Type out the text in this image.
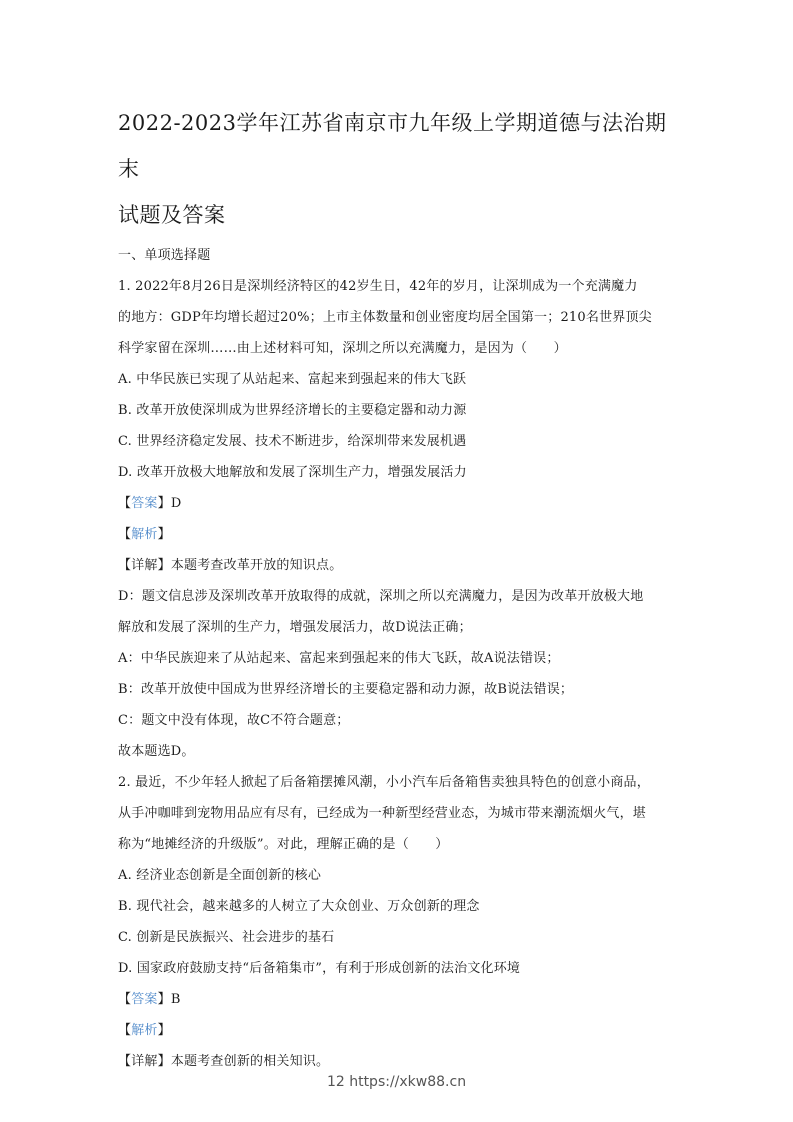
2022-2023学年江苏省南京市九年级上学期道德与法治期末
试题及答案
一、单项选择题
1. 2022年8月26日是深圳经济特区的42岁生日，42年的岁月，让深圳成为一个充满魔力
的地方：GDP年均增长超过20%；上市主体数量和创业密度均居全国第一；210名世界顶尖
科学家留在深圳……由上述材料可知，深圳之所以充满魔力，是因为（　　）
A. 中华民族已实现了从站起来、富起来到强起来的伟大飞跃
B. 改革开放使深圳成为世界经济增长的主要稳定器和动力源
C. 世界经济稳定发展、技术不断进步，给深圳带来发展机遇
D. 改革开放极大地解放和发展了深圳生产力，增强发展活力
【答案】D
【解析】
【详解】本题考查改革开放的知识点。
D：题文信息涉及深圳改革开放取得的成就，深圳之所以充满魔力，是因为改革开放极大地
解放和发展了深圳的生产力，增强发展活力，故D说法正确；
A：中华民族迎来了从站起来、富起来到强起来的伟大飞跃，故A说法错误；
B：改革开放使中国成为世界经济增长的主要稳定器和动力源，故B说法错误；
C：题文中没有体现，故C不符合题意；
故本题选D。
2. 最近，不少年轻人掀起了后备箱摆摊风潮，小小汽车后备箱售卖独具特色的创意小商品，
从手冲咖啡到宠物用品应有尽有，已经成为一种新型经营业态，为城市带来潮流烟火气，堪
称为“地摊经济的升级版”。对此，理解正确的是（　　）
A. 经济业态创新是全面创新的核心
B. 现代社会，越来越多的人树立了大众创业、万众创新的理念
C. 创新是民族振兴、社会进步的基石
D. 国家政府鼓励支持“后备箱集市”，有利于形成创新的法治文化环境
【答案】B
【解析】
【详解】本题考查创新的相关知识。
12 https://xkw88.cn
